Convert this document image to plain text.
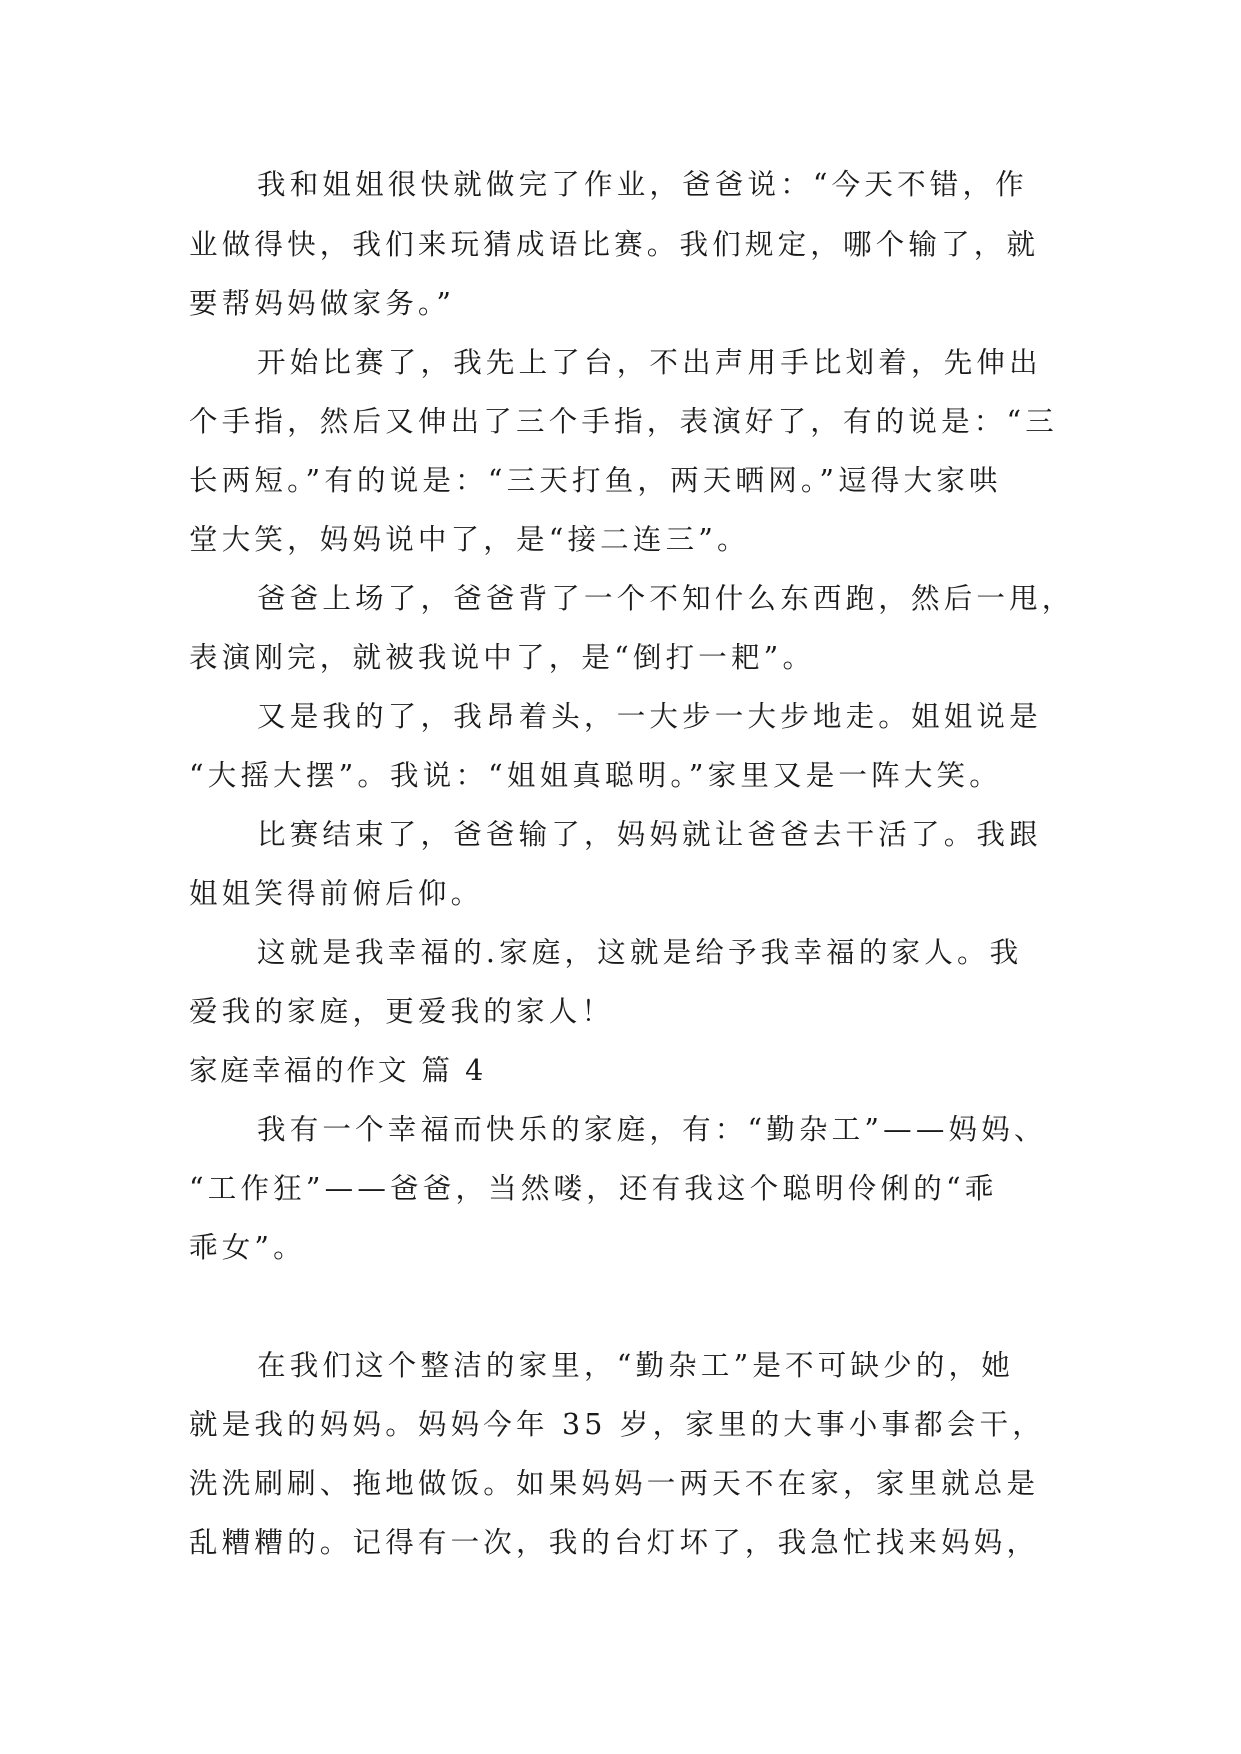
我和姐姐很快就做完了作业，爸爸说：“今天不错，作
业做得快，我们来玩猜成语比赛。我们规定，哪个输了，就
要帮妈妈做家务。”
开始比赛了，我先上了台，不出声用手比划着，先伸出
个手指，然后又伸出了三个手指，表演好了，有的说是：“三
长两短。”有的说是：“三天打鱼，两天晒网。”逗得大家哄
堂大笑，妈妈说中了，是“接二连三”。
爸爸上场了，爸爸背了一个不知什么东西跑，然后一甩，
表演刚完，就被我说中了，是“倒打一耙”。
又是我的了，我昂着头，一大步一大步地走。姐姐说是
“大摇大摆”。我说：“姐姐真聪明。”家里又是一阵大笑。
比赛结束了，爸爸输了，妈妈就让爸爸去干活了。我跟
姐姐笑得前俯后仰。
这就是我幸福的.家庭，这就是给予我幸福的家人。我
爱我的家庭，更爱我的家人！
家庭幸福的作文 篇 4
我有一个幸福而快乐的家庭，有：“勤杂工”——妈妈、
“工作狂”——爸爸，当然喽，还有我这个聪明伶俐的“乖
乖女”。
在我们这个整洁的家里，“勤杂工”是不可缺少的，她
就是我的妈妈。妈妈今年 35 岁，家里的大事小事都会干，
洗洗刷刷、拖地做饭。如果妈妈一两天不在家，家里就总是
乱糟糟的。记得有一次，我的台灯坏了，我急忙找来妈妈，
